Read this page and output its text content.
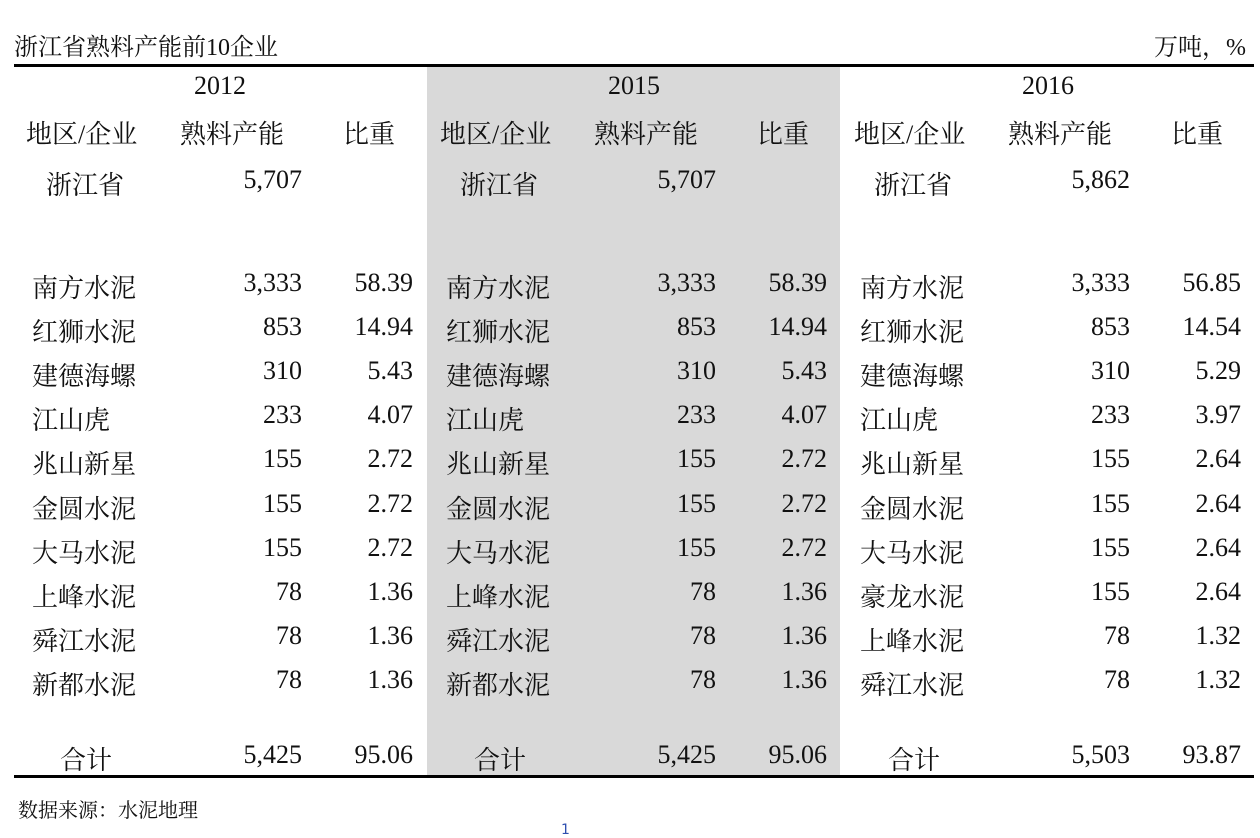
浙江省熟料产能前10企业	万吨，%
2012	2015	2016
地区/企业 熟料产能 比重
浙江省	5,707
南方水泥	3,333	58.39
红狮水泥	853	14.94
建德海螺	310	5.43
江山虎	233	4.07
兆山新星	155	2.72
金圆水泥	155	2.72
大马水泥	155	2.72
上峰水泥	78	1.36
舜江水泥	78	1.36
新都水泥	78	1.36
合计	5,425	95.06
地区/企业 熟料产能 比重
浙江省	5,707
南方水泥	3,333	58.39
红狮水泥	853	14.94
建德海螺	310	5.43
江山虎	233	4.07
兆山新星	155	2.72
金圆水泥	155	2.72
大马水泥	155	2.72
上峰水泥	78	1.36
舜江水泥	78	1.36
新都水泥	78	1.36
合计	5,425	95.06
地区/企业 熟料产能 比重
浙江省	5,862
南方水泥	3,333	56.85
红狮水泥	853	14.54
建德海螺	310	5.29
江山虎	233	3.97
兆山新星	155	2.64
金圆水泥	155	2.64
大马水泥	155	2.64
豪龙水泥	155	2.64
上峰水泥	78	1.32
舜江水泥	78	1.32
合计	5,503	93.87
数据来源：水泥地理
1
